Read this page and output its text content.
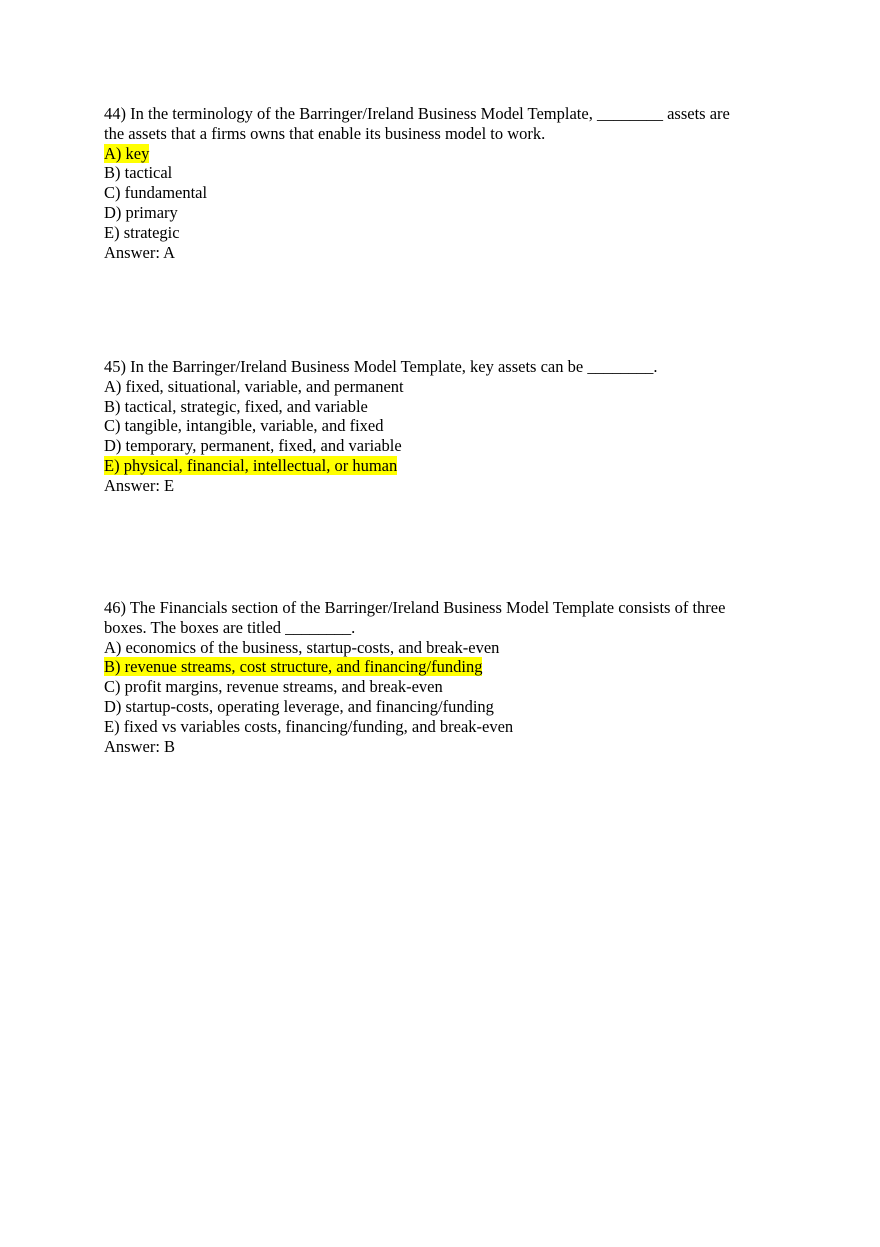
44) In the terminology of the Barringer/Ireland Business Model Template, ________ assets are
the assets that a firms owns that enable its business model to work.
A) key
B) tactical
C) fundamental
D) primary
E) strategic
Answer: A
45) In the Barringer/Ireland Business Model Template, key assets can be ________.
A) fixed, situational, variable, and permanent
B) tactical, strategic, fixed, and variable
C) tangible, intangible, variable, and fixed
D) temporary, permanent, fixed, and variable
E) physical, financial, intellectual, or human
Answer: E
46) The Financials section of the Barringer/Ireland Business Model Template consists of three
boxes. The boxes are titled ________.
A) economics of the business, startup-costs, and break-even
B) revenue streams, cost structure, and financing/funding
C) profit margins, revenue streams, and break-even
D) startup-costs, operating leverage, and financing/funding
E) fixed vs variables costs, financing/funding, and break-even
Answer: B
